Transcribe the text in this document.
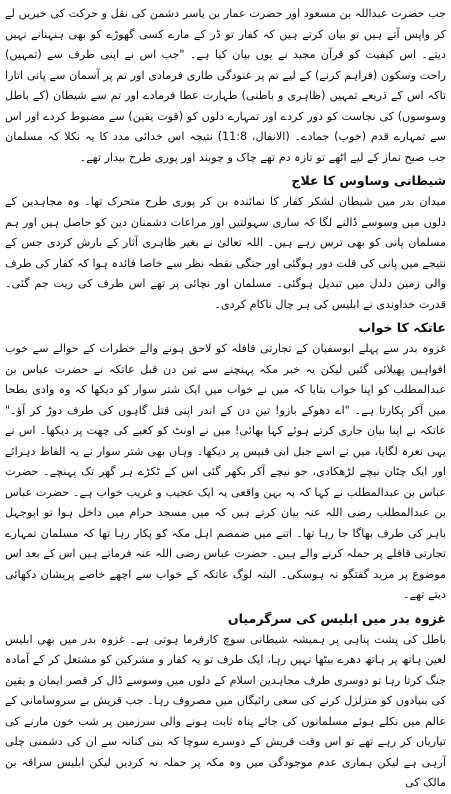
جب حضرت عبداللہ بن مسعود اور حضرت عمار بن یاسر دشمن کی نقل و حرکت کی خبریں لے کر واپس آتے ہیں تو بیان کرتے ہیں کہ کفار تو ڈر کے مارے کسی گھوڑے کو بھی ہنہنانے نہیں دیتے۔ اس کیفیت کو قرآن مجید نے یوں بیان کیا ہے۔ "جب اس نے اپنی طرف سے (تمہیں) راحت وسکون (فراہم کرنے) کے لیے تم پر غنودگی طاری فرمادی اور تم پر آسمان سے پانی اتارا تاکہ اس کے ذریعے تمہیں (ظاہری و باطنی) طہارت عطا فرمادے اور تم سے شیطان (کے باطل وسوسوں) کی نجاست کو دور کردے اور تمہارے دلوں کو (قوت یقین) سے مضبوط کردے اور اس سے تمہارے قدم (خوب) جمادے۔ (الانفال، 11:8) نتیجہ اس خدائی مدد کا یہ نکلا کہ مسلمان جب صبح نماز کے لیے اٹھے تو تازہ دم تھے چاک و چوبند اور پوری طرح بیدار تھے۔

شیطانی وساوس کا علاج

میدان بدر میں شیطان لشکر کفار کا نمائندہ بن کر پوری طرح متحرک تھا۔ وہ مجاہدین کے دلوں میں وسوسے ڈالنے لگا کہ ساری سہولتیں اور مراعات دشمنان دین کو حاصل ہیں اور ہم مسلمان پانی کو بھی ترس رہے ہیں۔ اللہ تعالیٰ نے بغیر ظاہری آثار کے بارش کردی جس کے نتیجے میں پانی کی قلت دور ہوگئی اور جنگی نقطہ نظر سے خاصا فائدہ ہوا کہ کفار کی طرف والی زمین دلدل میں تبدیل ہوگئی۔ مسلمان اور نچائی پر تھے اس طرف کی ریت جم گئی۔ قدرت خداوندی نے ابلیس کی ہر چال ناکام کردی۔

عاتکہ کا خواب

غزوہ بدر سے پہلے ابوسفیان کے تجارتی قافلہ کو لاحق ہونے والے خطرات کے حوالے سے خوب افواہیں پھیلائی گئیں لیکن یہ خبر مکہ پہنچنے سے تین دن قبل عاتکہ نے حضرت عباس بن عبدالمطلب کو اپنا خواب بتایا کہ میں نے خواب میں ایک شتر سوار کو دیکھا کہ وہ وادی بطحا میں آکر پکارتا ہے۔ "اے دھوکے بازو! تین دن کے اندر اپنی قتل گاہوں کی طرف دوڑ کر آؤ۔" عاتکہ نے اپنا بیان جاری کرتے ہوئے کہا بھائی! میں نے اونٹ کو کعبے کی چھت پر دیکھا۔ اس نے یہی نعرہ لگایا، میں نے اسے جبل ابی قبیس پر دیکھا۔ وہاں بھی شتر سوار نے یہ الفاظ دہرائے اور ایک چٹان نیچے لڑھکادی، جو نیچے آکر بکھر گئی اس کے ٹکڑے ہر گھر تک پہنچے۔ حضرت عباس بن عبدالمطلب نے کہا کہ یہ بہن واقعی یہ ایک عجیب و غریب خواب ہے۔ حضرت عباس بن عبدالمطلب رضی اللہ عنہ بیان کرتے ہیں کہ میں مسجد حرام میں داخل ہوا تو ابوجہل باہر کی طرف بھاگا جا رہا تھا۔ اتنے میں ضمضم اہل مکہ کو پکار رہا تھا کہ مسلمان تمہارے تجارتی قافلے پر حملہ کرنے والے ہیں۔ حضرت عباس رضی اللہ عنہ فرماتے ہیں اس کے بعد اس موضوع پر مزید گفتگو نہ ہوسکی۔ البتہ لوگ عاتکہ کے خواب سے اچھے خاصے پریشان دکھائی دیتے تھے۔

غزوہ بدر میں ابلیس کی سرگرمیاں

باطل کی پشت پناہی پر ہمیشہ شیطانی سوچ کارفرما ہوتی ہے۔ غزوہ بدر میں بھی ابلیس لعین ہاتھ پر ہاتھ دھرے بیٹھا نہیں رہا، ایک طرف تو یہ کفار و مشرکین کو مشتعل کر کے آمادہ جنگ کرتا رہا تو دوسری طرف مجاہدین اسلام کے دلوں میں وسوسے ڈال کر قصر ایمان و یقین کی بنیادوں کو متزلزل کرنے کی سعی رائیگاں میں مصروف رہا۔ جب قریش بے سروسامانی کے عالم میں نکلے ہوئے مسلمانوں کی جائے پناہ ثابت ہونے والی سرزمین پر شب خون مارنے کی تیاریاں کر رہے تھے تو اس وقت قریش کے دوسرے سوچا کہ بنی کنانہ سے ان کی دشمنی چلی آرہی ہے لیکن ہماری عدم موجودگی میں وہ مکہ پر حملہ نہ کردیں لیکن ابلیس سراقہ بن مالک کی
